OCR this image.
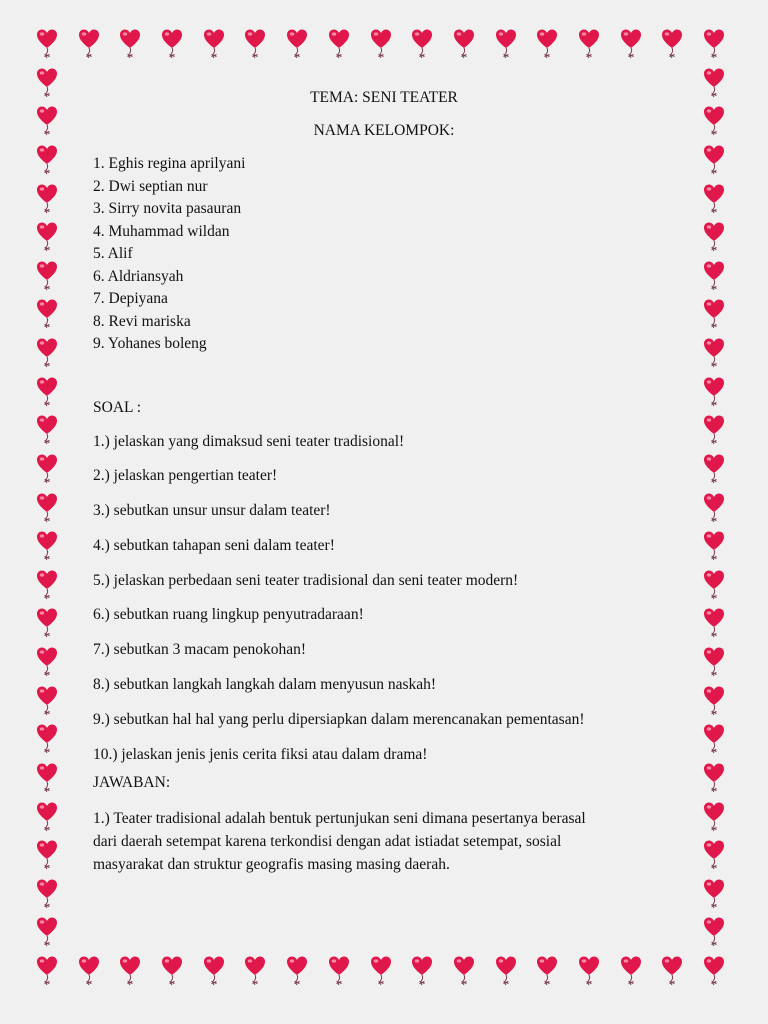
TEMA: SENI TEATER

NAMA KELOMPOK:

1. Eghis regina aprilyani
2. Dwi septian nur
3. Sirry novita pasauran
4. Muhammad wildan
5. Alif
6. Aldriansyah
7. Depiyana
8. Revi mariska
9. Yohanes boleng

SOAL :

1.) jelaskan yang dimaksud seni teater tradisional!
2.) jelaskan pengertian teater!
3.) sebutkan unsur unsur dalam teater!
4.) sebutkan tahapan seni dalam teater!
5.) jelaskan perbedaan seni teater tradisional dan seni teater modern!
6.) sebutkan ruang lingkup penyutradaraan!
7.) sebutkan 3 macam penokohan!
8.) sebutkan langkah langkah dalam menyusun naskah!
9.) sebutkan hal hal yang perlu dipersiapkan dalam merencanakan pementasan!
10.) jelaskan jenis jenis cerita fiksi atau dalam drama!

JAWABAN:

1.) Teater tradisional adalah bentuk pertunjukan seni dimana pesertanya berasal
dari daerah setempat karena terkondisi dengan adat istiadat setempat, sosial
masyarakat dan struktur geografis masing masing daerah.
